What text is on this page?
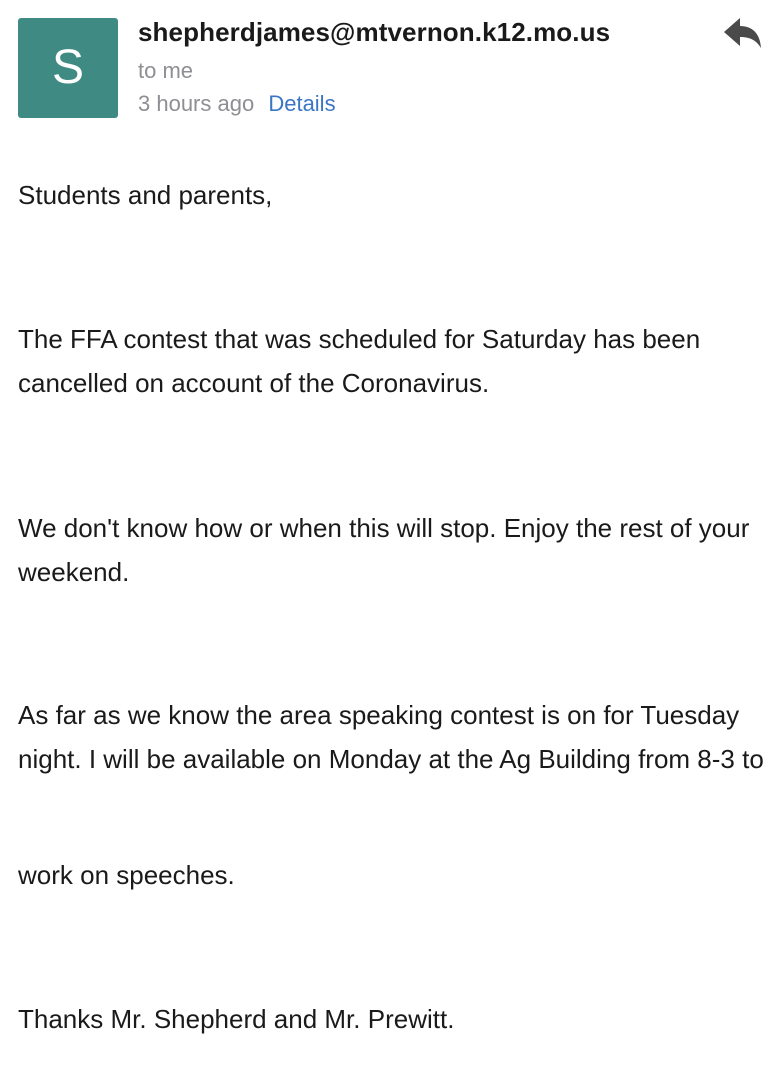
S
shepherdjames@mtvernon.k12.mo.us
to me
3 hours ago Details

Students and parents,

The FFA contest that was scheduled for Saturday has been cancelled on account of the Coronavirus.

We don't know how or when this will stop. Enjoy the rest of your weekend.

As far as we know the area speaking contest is on for Tuesday night. I will be available on Monday at the Ag Building from 8-3 to

work on speeches.

Thanks Mr. Shepherd and Mr. Prewitt.
